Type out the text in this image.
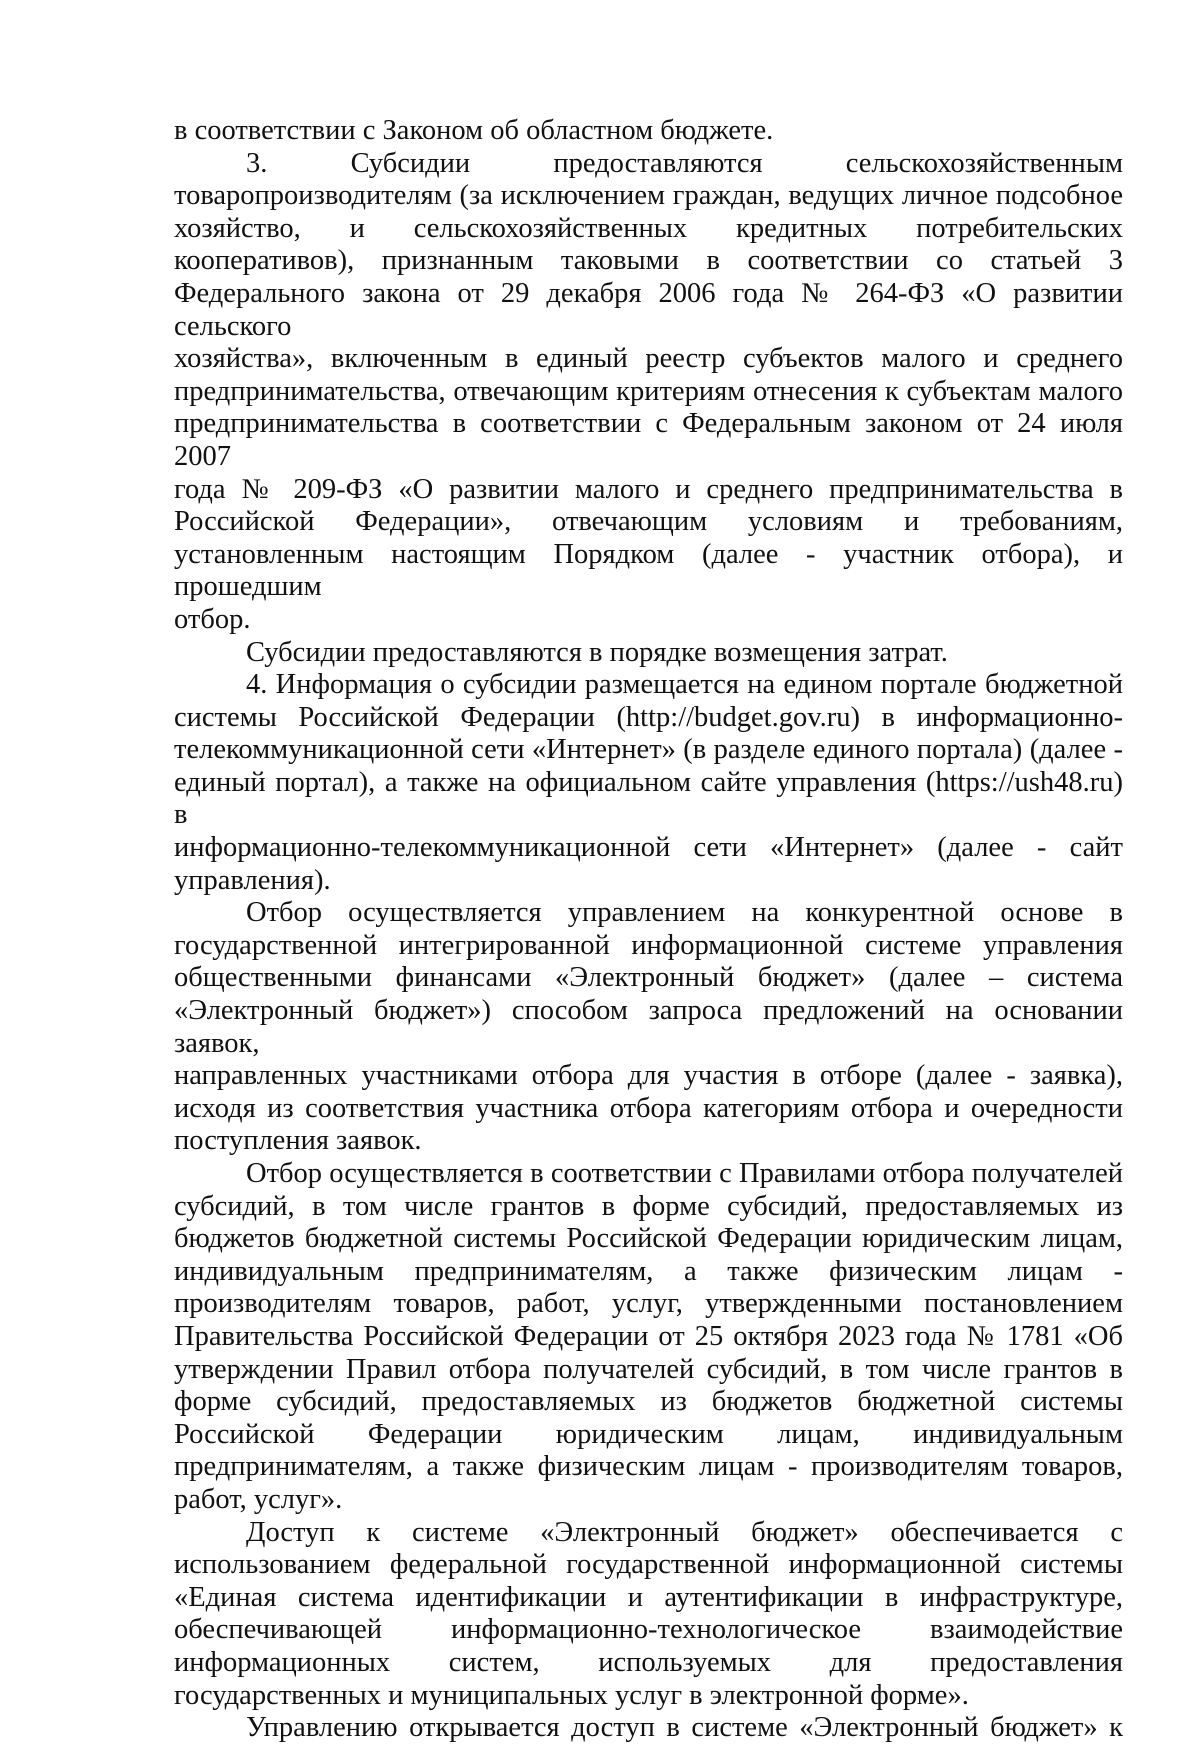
в соответствии с Законом об областном бюджете.
3. Субсидии предоставляются сельскохозяйственным
товаропроизводителям (за исключением граждан, ведущих личное подсобное
хозяйство, и сельскохозяйственных кредитных потребительских
кооперативов), признанным таковыми в соответствии со статьей 3
Федерального закона от 29 декабря 2006 года № 264-ФЗ «О развитии сельского
хозяйства», включенным в единый реестр субъектов малого и среднего
предпринимательства, отвечающим критериям отнесения к субъектам малого
предпринимательства в соответствии с Федеральным законом от 24 июля 2007
года № 209-ФЗ «О развитии малого и среднего предпринимательства в
Российской Федерации», отвечающим условиям и требованиям,
установленным настоящим Порядком (далее - участник отбора), и прошедшим
отбор.
Субсидии предоставляются в порядке возмещения затрат.
4. Информация о субсидии размещается на едином портале бюджетной
системы Российской Федерации (http://budget.gov.ru) в информационно-
телекоммуникационной сети «Интернет» (в разделе единого портала) (далее -
единый портал), а также на официальном сайте управления (https://ush48.ru) в
информационно-телекоммуникационной сети «Интернет» (далее - сайт
управления).
Отбор осуществляется управлением на конкурентной основе в
государственной интегрированной информационной системе управления
общественными финансами «Электронный бюджет» (далее – система
«Электронный бюджет») способом запроса предложений на основании заявок,
направленных участниками отбора для участия в отборе (далее - заявка),
исходя из соответствия участника отбора категориям отбора и очередности
поступления заявок.
Отбор осуществляется в соответствии с Правилами отбора получателей
субсидий, в том числе грантов в форме субсидий, предоставляемых из
бюджетов бюджетной системы Российской Федерации юридическим лицам,
индивидуальным предпринимателям, а также физическим лицам -
производителям товаров, работ, услуг, утвержденными постановлением
Правительства Российской Федерации от 25 октября 2023 года № 1781 «Об
утверждении Правил отбора получателей субсидий, в том числе грантов в
форме субсидий, предоставляемых из бюджетов бюджетной системы
Российской Федерации юридическим лицам, индивидуальным
предпринимателям, а также физическим лицам - производителям товаров,
работ, услуг».
Доступ к системе «Электронный бюджет» обеспечивается с
использованием федеральной государственной информационной системы
«Единая система идентификации и аутентификации в инфраструктуре,
обеспечивающей информационно-технологическое взаимодействие
информационных систем, используемых для предоставления
государственных и муниципальных услуг в электронной форме».
Управлению открывается доступ в системе «Электронный бюджет» к
